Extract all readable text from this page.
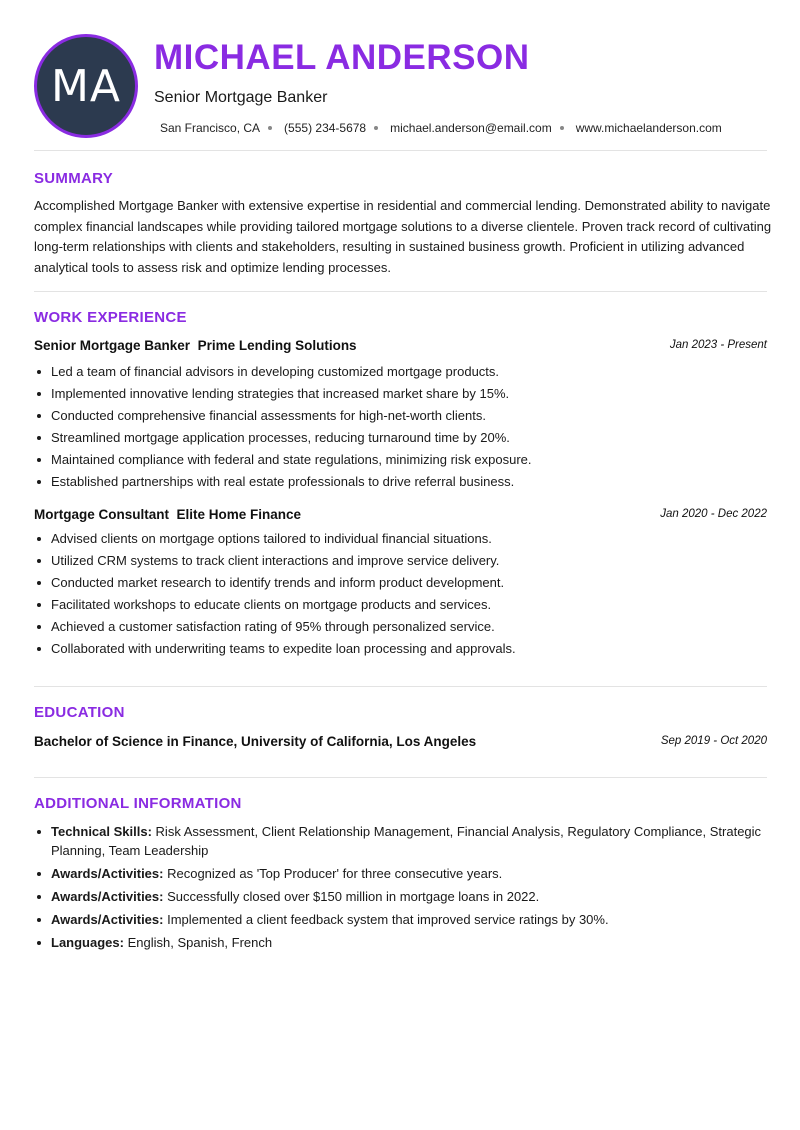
MA
MICHAEL ANDERSON
Senior Mortgage Banker
San Francisco, CA (555) 234-5678 michael.anderson@email.com www.michaelanderson.com
SUMMARY
Accomplished Mortgage Banker with extensive expertise in residential and commercial lending. Demonstrated ability to navigate complex financial landscapes while providing tailored mortgage solutions to a diverse clientele. Proven track record of cultivating long-term relationships with clients and stakeholders, resulting in sustained business growth. Proficient in utilizing advanced analytical tools to assess risk and optimize lending processes.
WORK EXPERIENCE
Senior Mortgage Banker Prime Lending Solutions	Jan 2023 - Present
Led a team of financial advisors in developing customized mortgage products.
Implemented innovative lending strategies that increased market share by 15%.
Conducted comprehensive financial assessments for high-net-worth clients.
Streamlined mortgage application processes, reducing turnaround time by 20%.
Maintained compliance with federal and state regulations, minimizing risk exposure.
Established partnerships with real estate professionals to drive referral business.
Mortgage Consultant Elite Home Finance	Jan 2020 - Dec 2022
Advised clients on mortgage options tailored to individual financial situations.
Utilized CRM systems to track client interactions and improve service delivery.
Conducted market research to identify trends and inform product development.
Facilitated workshops to educate clients on mortgage products and services.
Achieved a customer satisfaction rating of 95% through personalized service.
Collaborated with underwriting teams to expedite loan processing and approvals.
EDUCATION
Bachelor of Science in Finance, University of California, Los Angeles	Sep 2019 - Oct 2020
ADDITIONAL INFORMATION
Technical Skills: Risk Assessment, Client Relationship Management, Financial Analysis, Regulatory Compliance, Strategic Planning, Team Leadership
Awards/Activities: Recognized as 'Top Producer' for three consecutive years.
Awards/Activities: Successfully closed over $150 million in mortgage loans in 2022.
Awards/Activities: Implemented a client feedback system that improved service ratings by 30%.
Languages: English, Spanish, French
